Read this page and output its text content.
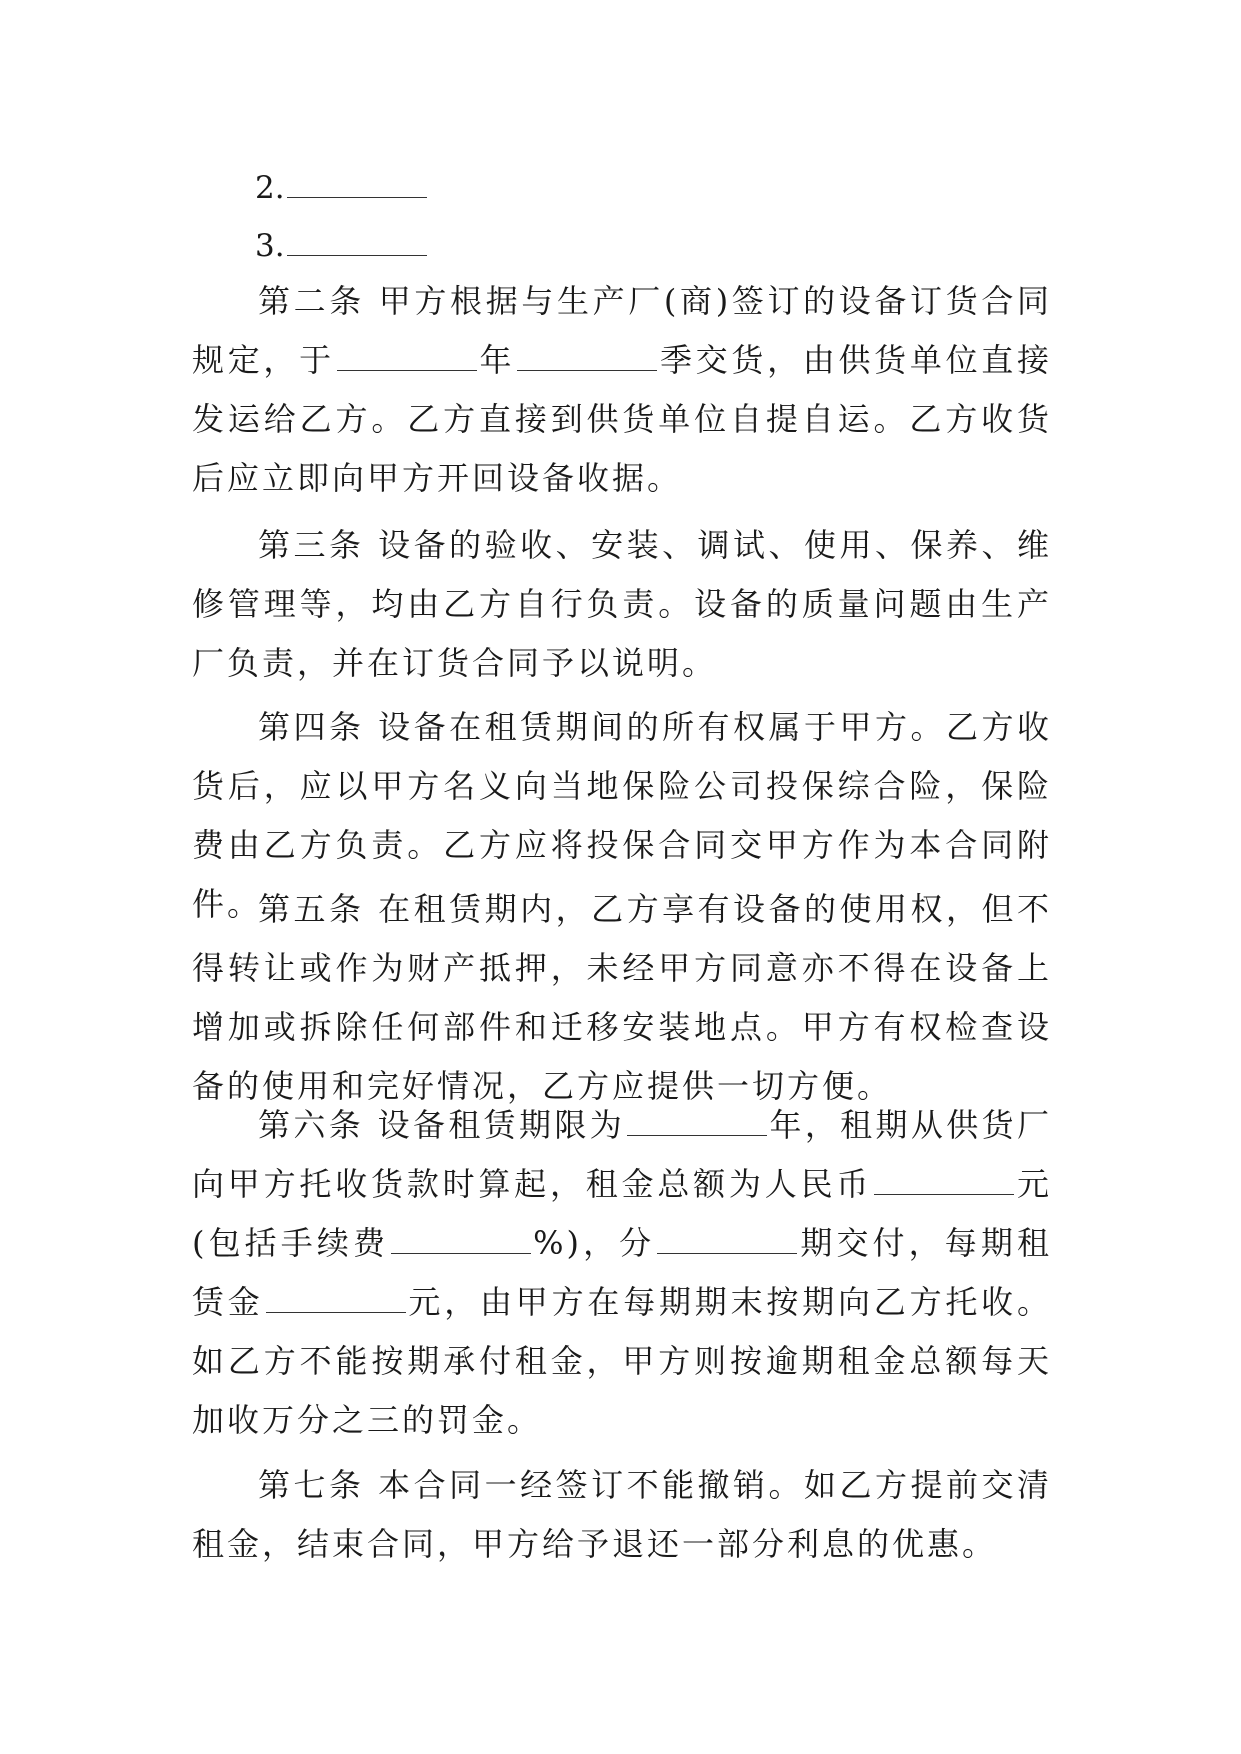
2.
3.

第二条 甲方根据与生产厂(商)签订的设备订货合同规定，于	年	季交货，由供货单位直接发运给乙方。乙方直接到供货单位自提自运。乙方收货后应立即向甲方开回设备收据。

第三条 设备的验收、安装、调试、使用、保养、维修管理等，均由乙方自行负责。设备的质量问题由生产厂负责，并在订货合同予以说明。

第四条 设备在租赁期间的所有权属于甲方。乙方收货后，应以甲方名义向当地保险公司投保综合险，保险费由乙方负责。乙方应将投保合同交甲方作为本合同附件。

第五条 在租赁期内，乙方享有设备的使用权，但不得转让或作为财产抵押，未经甲方同意亦不得在设备上增加或拆除任何部件和迁移安装地点。甲方有权检查设备的使用和完好情况，乙方应提供一切方便。

第六条 设备租赁期限为	年，租期从供货厂向甲方托收货款时算起，租金总额为人民币	元(包括手续费	%)，分	期交付，每期租赁金	元，由甲方在每期期末按期向乙方托收。如乙方不能按期承付租金，甲方则按逾期租金总额每天加收万分之三的罚金。

第七条 本合同一经签订不能撤销。如乙方提前交清租金，结束合同，甲方给予退还一部分利息的优惠。
